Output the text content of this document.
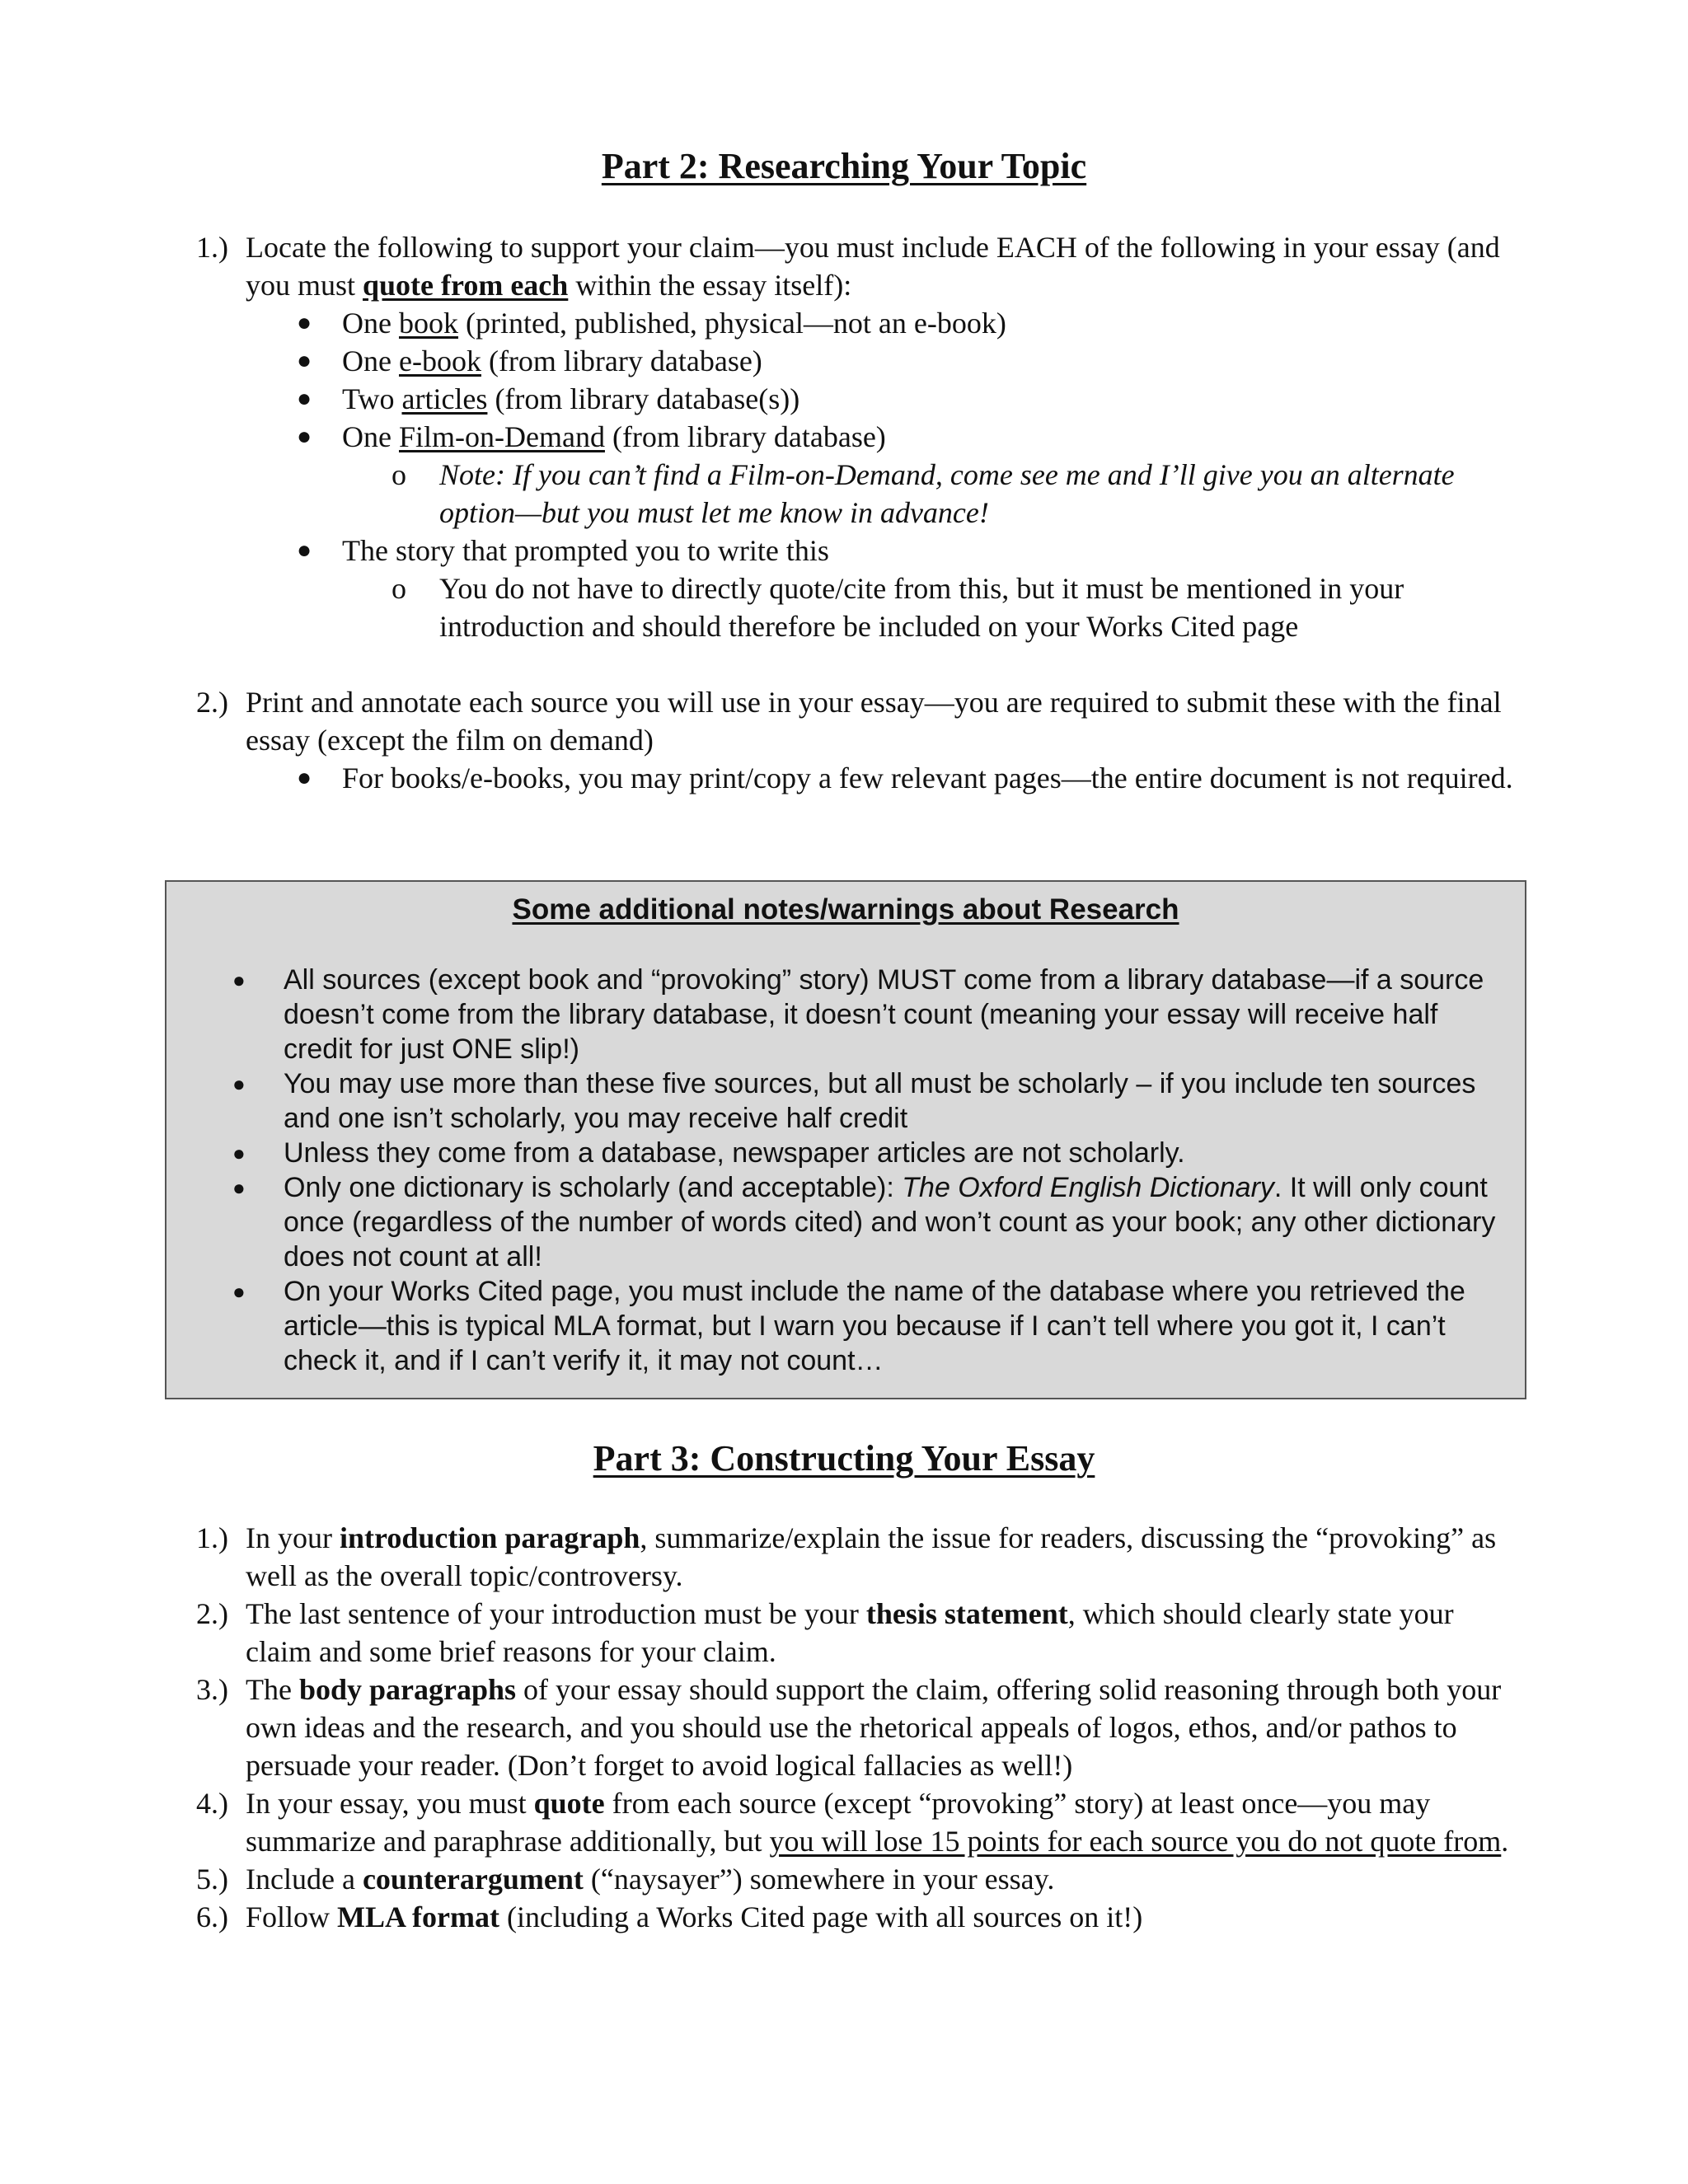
Part 2: Researching Your Topic
1.) Locate the following to support your claim—you must include EACH of the following in your essay (and you must quote from each within the essay itself):
● One book (printed, published, physical—not an e-book)
● One e-book (from library database)
● Two articles (from library database(s))
● One Film-on-Demand (from library database)
o Note: If you can’t find a Film-on-Demand, come see me and I’ll give you an alternate option—but you must let me know in advance!
● The story that prompted you to write this
o You do not have to directly quote/cite from this, but it must be mentioned in your introduction and should therefore be included on your Works Cited page
2.) Print and annotate each source you will use in your essay—you are required to submit these with the final essay (except the film on demand)
● For books/e-books, you may print/copy a few relevant pages—the entire document is not required.
Some additional notes/warnings about Research
● All sources (except book and “provoking” story) MUST come from a library database—if a source doesn’t come from the library database, it doesn’t count (meaning your essay will receive half credit for just ONE slip!)
● You may use more than these five sources, but all must be scholarly – if you include ten sources and one isn’t scholarly, you may receive half credit
● Unless they come from a database, newspaper articles are not scholarly.
● Only one dictionary is scholarly (and acceptable): The Oxford English Dictionary. It will only count once (regardless of the number of words cited) and won’t count as your book; any other dictionary does not count at all!
● On your Works Cited page, you must include the name of the database where you retrieved the article—this is typical MLA format, but I warn you because if I can’t tell where you got it, I can’t check it, and if I can’t verify it, it may not count…
Part 3: Constructing Your Essay
1.) In your introduction paragraph, summarize/explain the issue for readers, discussing the “provoking” as well as the overall topic/controversy.
2.) The last sentence of your introduction must be your thesis statement, which should clearly state your claim and some brief reasons for your claim.
3.) The body paragraphs of your essay should support the claim, offering solid reasoning through both your own ideas and the research, and you should use the rhetorical appeals of logos, ethos, and/or pathos to persuade your reader. (Don’t forget to avoid logical fallacies as well!)
4.) In your essay, you must quote from each source (except “provoking” story) at least once—you may summarize and paraphrase additionally, but you will lose 15 points for each source you do not quote from.
5.) Include a counterargument (“naysayer”) somewhere in your essay.
6.) Follow MLA format (including a Works Cited page with all sources on it!)
